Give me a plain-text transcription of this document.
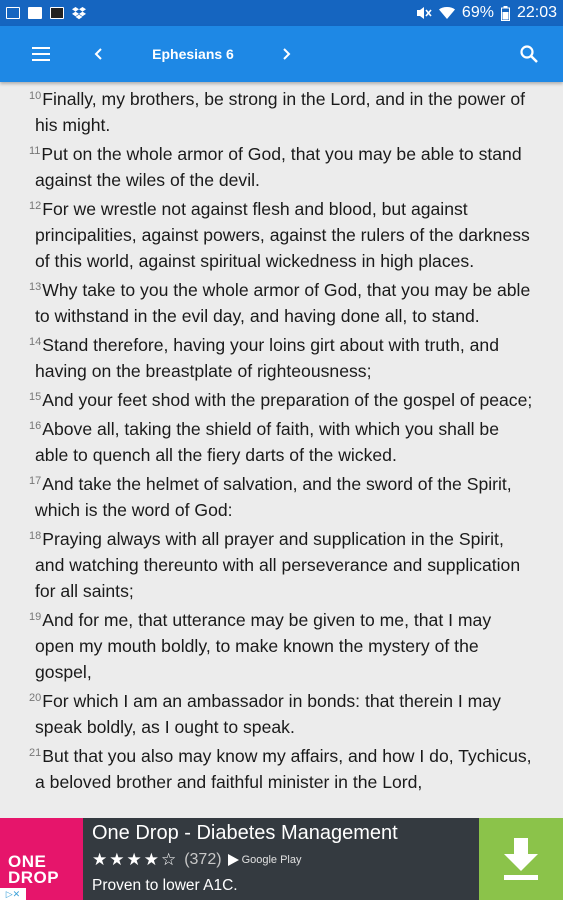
69% 22:03
Ephesians 6

$^{10}$Finally, my brothers, be strong in the Lord, and in the power of his might.

$^{11}$Put on the whole armor of God, that you may be able to stand against the wiles of the devil.

$^{12}$For we wrestle not against flesh and blood, but against principalities, against powers, against the rulers of the darkness of this world, against spiritual wickedness in high places.

$^{13}$Why take to you the whole armor of God, that you may be able to withstand in the evil day, and having done all, to stand.

$^{14}$Stand therefore, having your loins girt about with truth, and having on the breastplate of righteousness;

$^{15}$And your feet shod with the preparation of the gospel of peace;

$^{16}$Above all, taking the shield of faith, with which you shall be able to quench all the fiery darts of the wicked.

$^{17}$And take the helmet of salvation, and the sword of the Spirit, which is the word of God:

$^{18}$Praying always with all prayer and supplication in the Spirit, and watching thereunto with all perseverance and supplication for all saints;

$^{19}$And for me, that utterance may be given to me, that I may open my mouth boldly, to make known the mystery of the gospel,

$^{20}$For which I am an ambassador in bonds: that therein I may speak boldly, as I ought to speak.

$^{21}$But that you also may know my affairs, and how I do, Tychicus, a beloved brother and faithful minister in the Lord,

ONE
DROP
▷✕
One Drop - Diabetes Management
★★★★☆ (372) Google Play
Proven to lower A1C.
